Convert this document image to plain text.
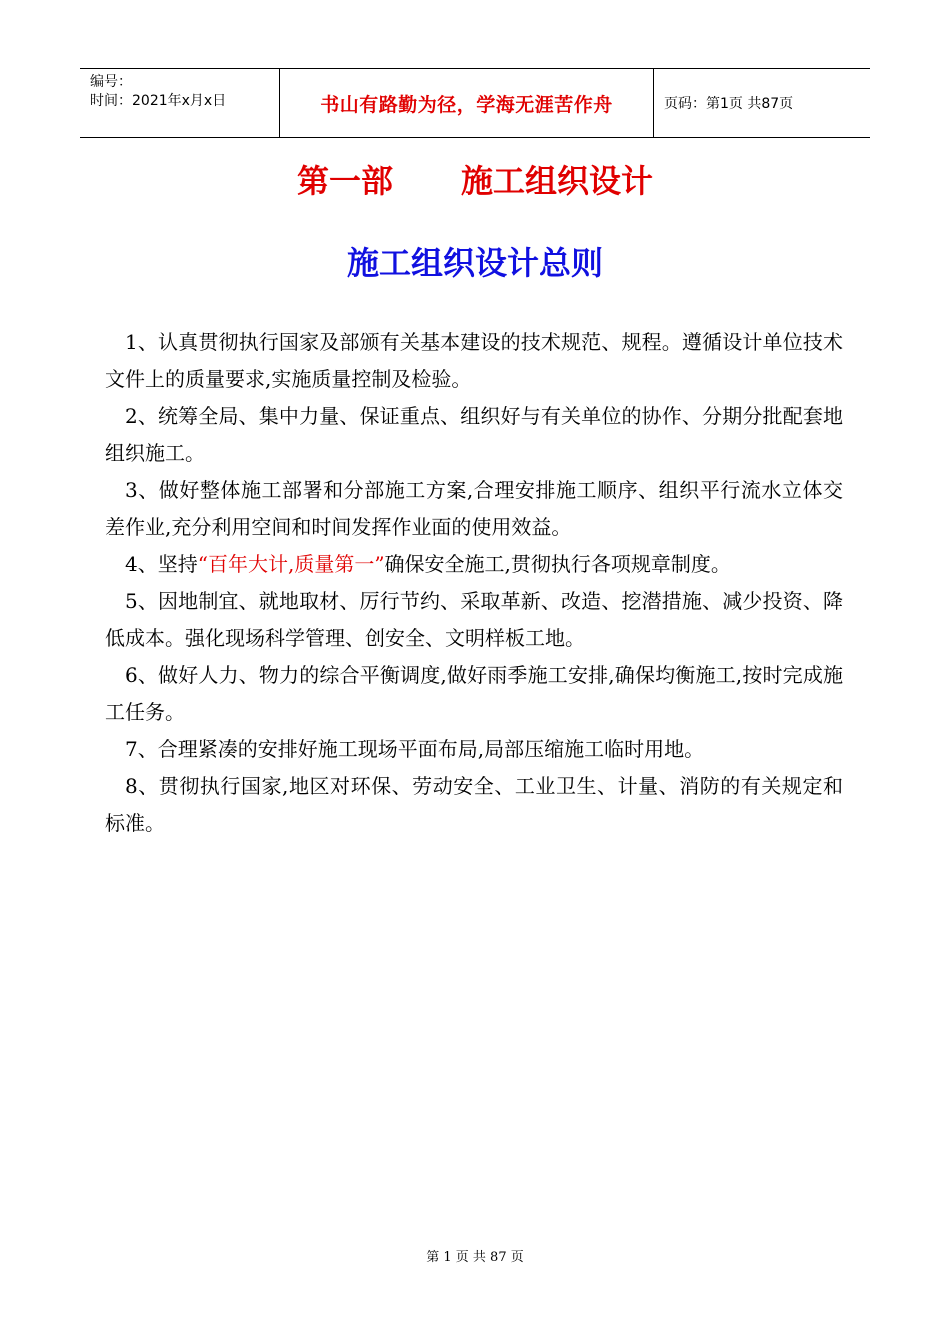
编号：
时间：2021年x月x日	书山有路勤为径，学海无涯苦作舟	页码：第1页 共87页
第一部 施工组织设计
施工组织设计总则

1、认真贯彻执行国家及部颁有关基本建设的技术规范、规程。遵循设计单位技术文件上的质量要求,实施质量控制及检验。

2、统筹全局、集中力量、保证重点、组织好与有关单位的协作、分期分批配套地组织施工。

3、做好整体施工部署和分部施工方案,合理安排施工顺序、组织平行流水立体交差作业,充分利用空间和时间发挥作业面的使用效益。

4、坚持“百年大计,质量第一”确保安全施工,贯彻执行各项规章制度。

5、因地制宜、就地取材、厉行节约、采取革新、改造、挖潜措施、减少投资、降低成本。强化现场科学管理、创安全、文明样板工地。

6、做好人力、物力的综合平衡调度,做好雨季施工安排,确保均衡施工,按时完成施工任务。

7、合理紧凑的安排好施工现场平面布局,局部压缩施工临时用地。

8、贯彻执行国家,地区对环保、劳动安全、工业卫生、计量、消防的有关规定和标准。

第 1 页 共 87 页
